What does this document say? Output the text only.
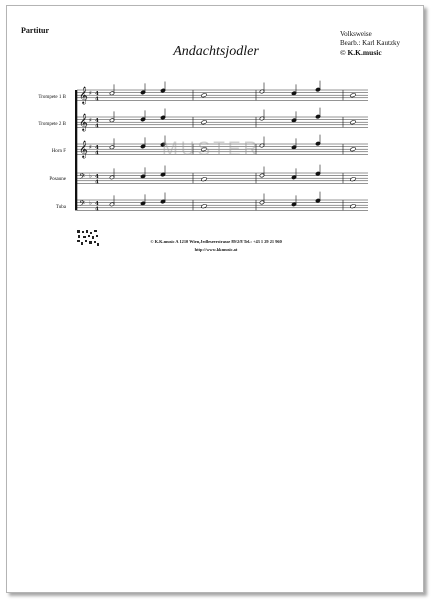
Partitur
Andachtsjodler
Volksweise
Bearb.: Karl Kautzky
© K.K.music
Trompete 1 B
Trompete 2 B
Horn F
Posaune
Tuba
𝄞 ♯ 4
4
𝄞 ♯ 4
4
𝄞 ♯ 4
4
𝄢 ♭ 4
4
𝄢 ♭ 4
4
MUSTER
© K.K.music A 1210 Wien,Jedleseerstrasse 89/2/8 Tel.: +43 1 29 21 960
http://www.kkmusic.at
